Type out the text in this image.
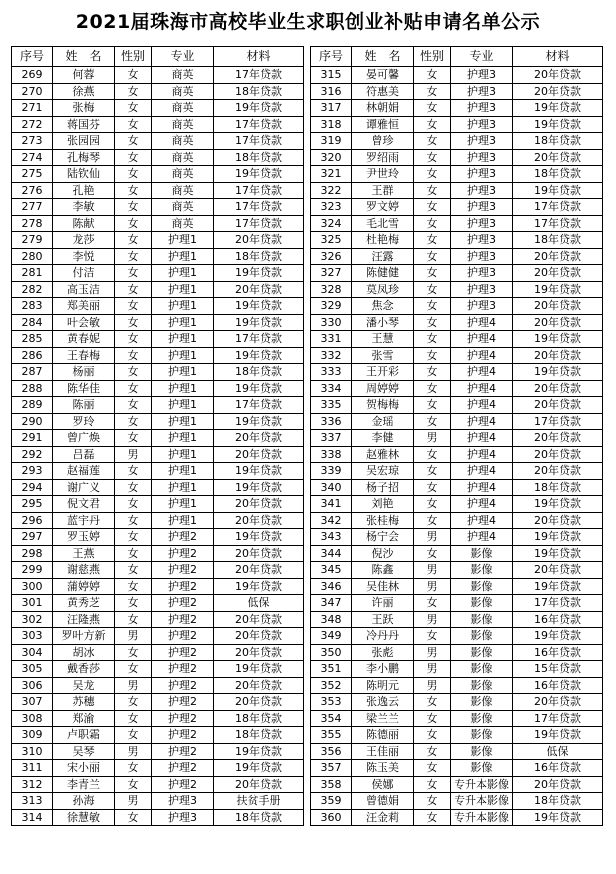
2021届珠海市高校毕业生求职创业补贴申请名单公示
序号	姓　名	性别	专业	材料
269	何蓉	女	商英	17年贷款
270	徐燕	女	商英	18年贷款
271	张梅	女	商英	19年贷款
272	蒋国芬	女	商英	17年贷款
273	张园园	女	商英	17年贷款
274	孔梅琴	女	商英	18年贷款
275	陆钦仙	女	商英	19年贷款
276	孔艳	女	商英	17年贷款
277	李敏	女	商英	17年贷款
278	陈献	女	商英	17年贷款
279	龙莎	女	护理1	20年贷款
280	李悦	女	护理1	18年贷款
281	付洁	女	护理1	19年贷款
282	高玉洁	女	护理1	20年贷款
283	郑美丽	女	护理1	19年贷款
284	叶会敏	女	护理1	19年贷款
285	黄春妮	女	护理1	17年贷款
286	王春梅	女	护理1	19年贷款
287	杨丽	女	护理1	18年贷款
288	陈华佳	女	护理1	19年贷款
289	陈丽	女	护理1	17年贷款
290	罗玲	女	护理1	19年贷款
291	曾广焕	女	护理1	20年贷款
292	吕磊	男	护理1	20年贷款
293	赵福莲	女	护理1	19年贷款
294	谢广义	女	护理1	19年贷款
295	倪文君	女	护理1	20年贷款
296	蓝宇丹	女	护理1	20年贷款
297	罗玉婷	女	护理2	19年贷款
298	王燕	女	护理2	20年贷款
299	谢慈燕	女	护理2	20年贷款
300	蒲婷婷	女	护理2	19年贷款
301	黄秀芝	女	护理2	低保
302	汪隆燕	女	护理2	20年贷款
303	罗叶方新	男	护理2	20年贷款
304	胡冰	女	护理2	20年贷款
305	戴香莎	女	护理2	19年贷款
306	吴龙	男	护理2	20年贷款
307	苏穗	女	护理2	20年贷款
308	郑渝	女	护理2	18年贷款
309	卢职霜	女	护理2	18年贷款
310	吴琴	男	护理2	19年贷款
311	宋小丽	女	护理2	19年贷款
312	李青兰	女	护理2	20年贷款
313	孙海	男	护理3	扶贫手册
314	徐慧敏	女	护理3	18年贷款
序号	姓　名	性别	专业	材料
315	晏可馨	女	护理3	20年贷款
316	符惠美	女	护理3	20年贷款
317	林朝娟	女	护理3	19年贷款
318	谭雅恒	女	护理3	19年贷款
319	曾珍	女	护理3	18年贷款
320	罗绍雨	女	护理3	20年贷款
321	尹世玲	女	护理3	18年贷款
322	王群	女	护理3	19年贷款
323	罗文婷	女	护理3	17年贷款
324	毛北雪	女	护理3	17年贷款
325	杜艳梅	女	护理3	18年贷款
326	汪露	女	护理3	20年贷款
327	陈健健	女	护理3	20年贷款
328	莫凤珍	女	护理3	19年贷款
329	焦念	女	护理3	20年贷款
330	潘小琴	女	护理4	20年贷款
331	王慧	女	护理4	19年贷款
332	张雪	女	护理4	20年贷款
333	王开彩	女	护理4	19年贷款
334	周婷婷	女	护理4	20年贷款
335	贺梅梅	女	护理4	20年贷款
336	金瑶	女	护理4	17年贷款
337	李健	男	护理4	20年贷款
338	赵雅林	女	护理4	20年贷款
339	吴宏琼	女	护理4	20年贷款
340	杨子招	女	护理4	18年贷款
341	刘艳	女	护理4	19年贷款
342	张桂梅	女	护理4	20年贷款
343	杨宁会	男	护理4	19年贷款
344	倪沙	女	影像	19年贷款
345	陈鑫	男	影像	20年贷款
346	吴佳林	男	影像	19年贷款
347	许丽	女	影像	17年贷款
348	王跃	男	影像	16年贷款
349	冷丹丹	女	影像	19年贷款
350	张彪	男	影像	16年贷款
351	李小鹏	男	影像	15年贷款
352	陈明元	男	影像	16年贷款
353	张逸云	女	影像	20年贷款
354	梁兰兰	女	影像	17年贷款
355	陈德丽	女	影像	19年贷款
356	王佳丽	女	影像	低保
357	陈玉美	女	影像	16年贷款
358	侯娜	女	专升本影像	20年贷款
359	曾德娟	女	专升本影像	18年贷款
360	汪金莉	女	专升本影像	19年贷款
